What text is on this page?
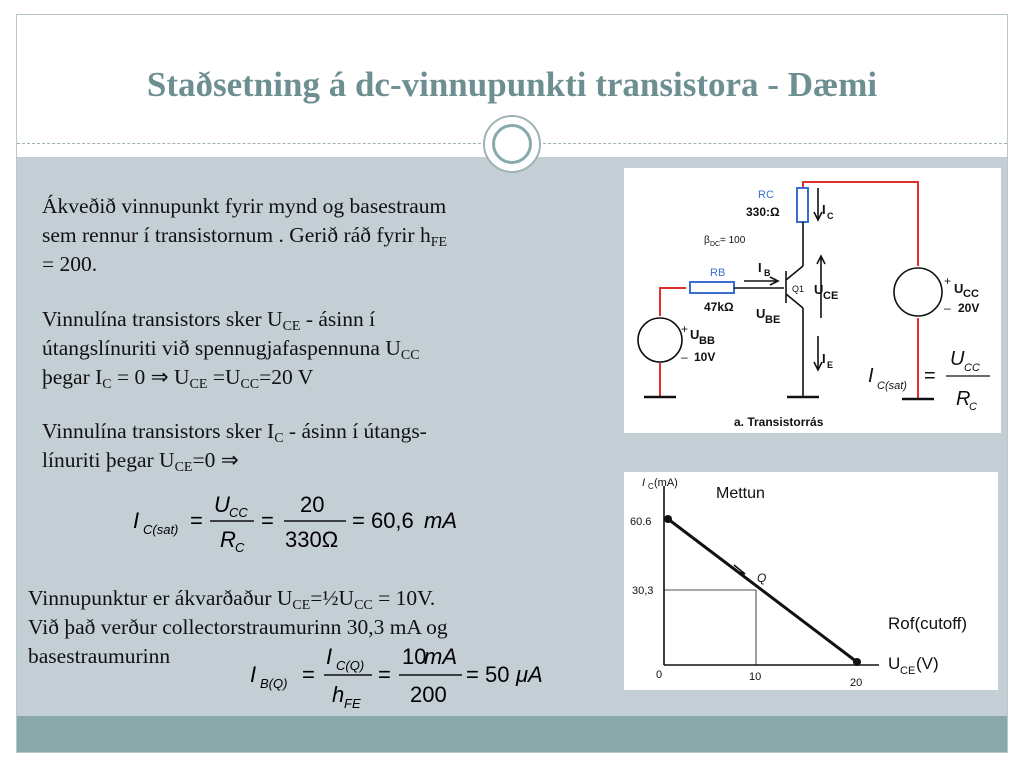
Staðsetning á dc-vinnupunkti transistora - Dæmi
Ákveðið vinnupunkt fyrir mynd og basestraum
sem rennur í transistornum . Gerið ráð fyrir $h_{FE}$
= 200.
Vinnulína transistors sker $U_{CE}$ - ásinn í
útangslínuriti við spennugjafaspennuna $U_{CC}$
þegar $I_C = 0$ ⇒ $U_{CE} =U_{CC}=20$ V
Vinnulína transistors sker $I_C$ - ásinn í útangs-
línuriti þegar $U_{CE}=0$ ⇒
I C(sat) =
U CC
R C
=
20
330Ω
= 60,6 mA
Vinnupunktur er ákvarðaður $U_{CE}=\frac{1}{2}U_{CC} = 10V$.
Við það verður collectorstraumurinn 30,3 mA og
basestraumurinn
I B(Q) =
I C(Q)
h FE
=
10
mA
200
= 50 μA
RC
330:Ω	I C
β DC = 100
RB
47kΩ
I B
Q1 U CE
U BE
I E
+ U BB
– 10V
+ U CC
– 20V
a. Transistorrás
I C(sat) =
U CC
R
C
I C (mA)
Mettun
Rof(cutoff)
Q
U CE (V)
60.6
30,3
0	10	20
